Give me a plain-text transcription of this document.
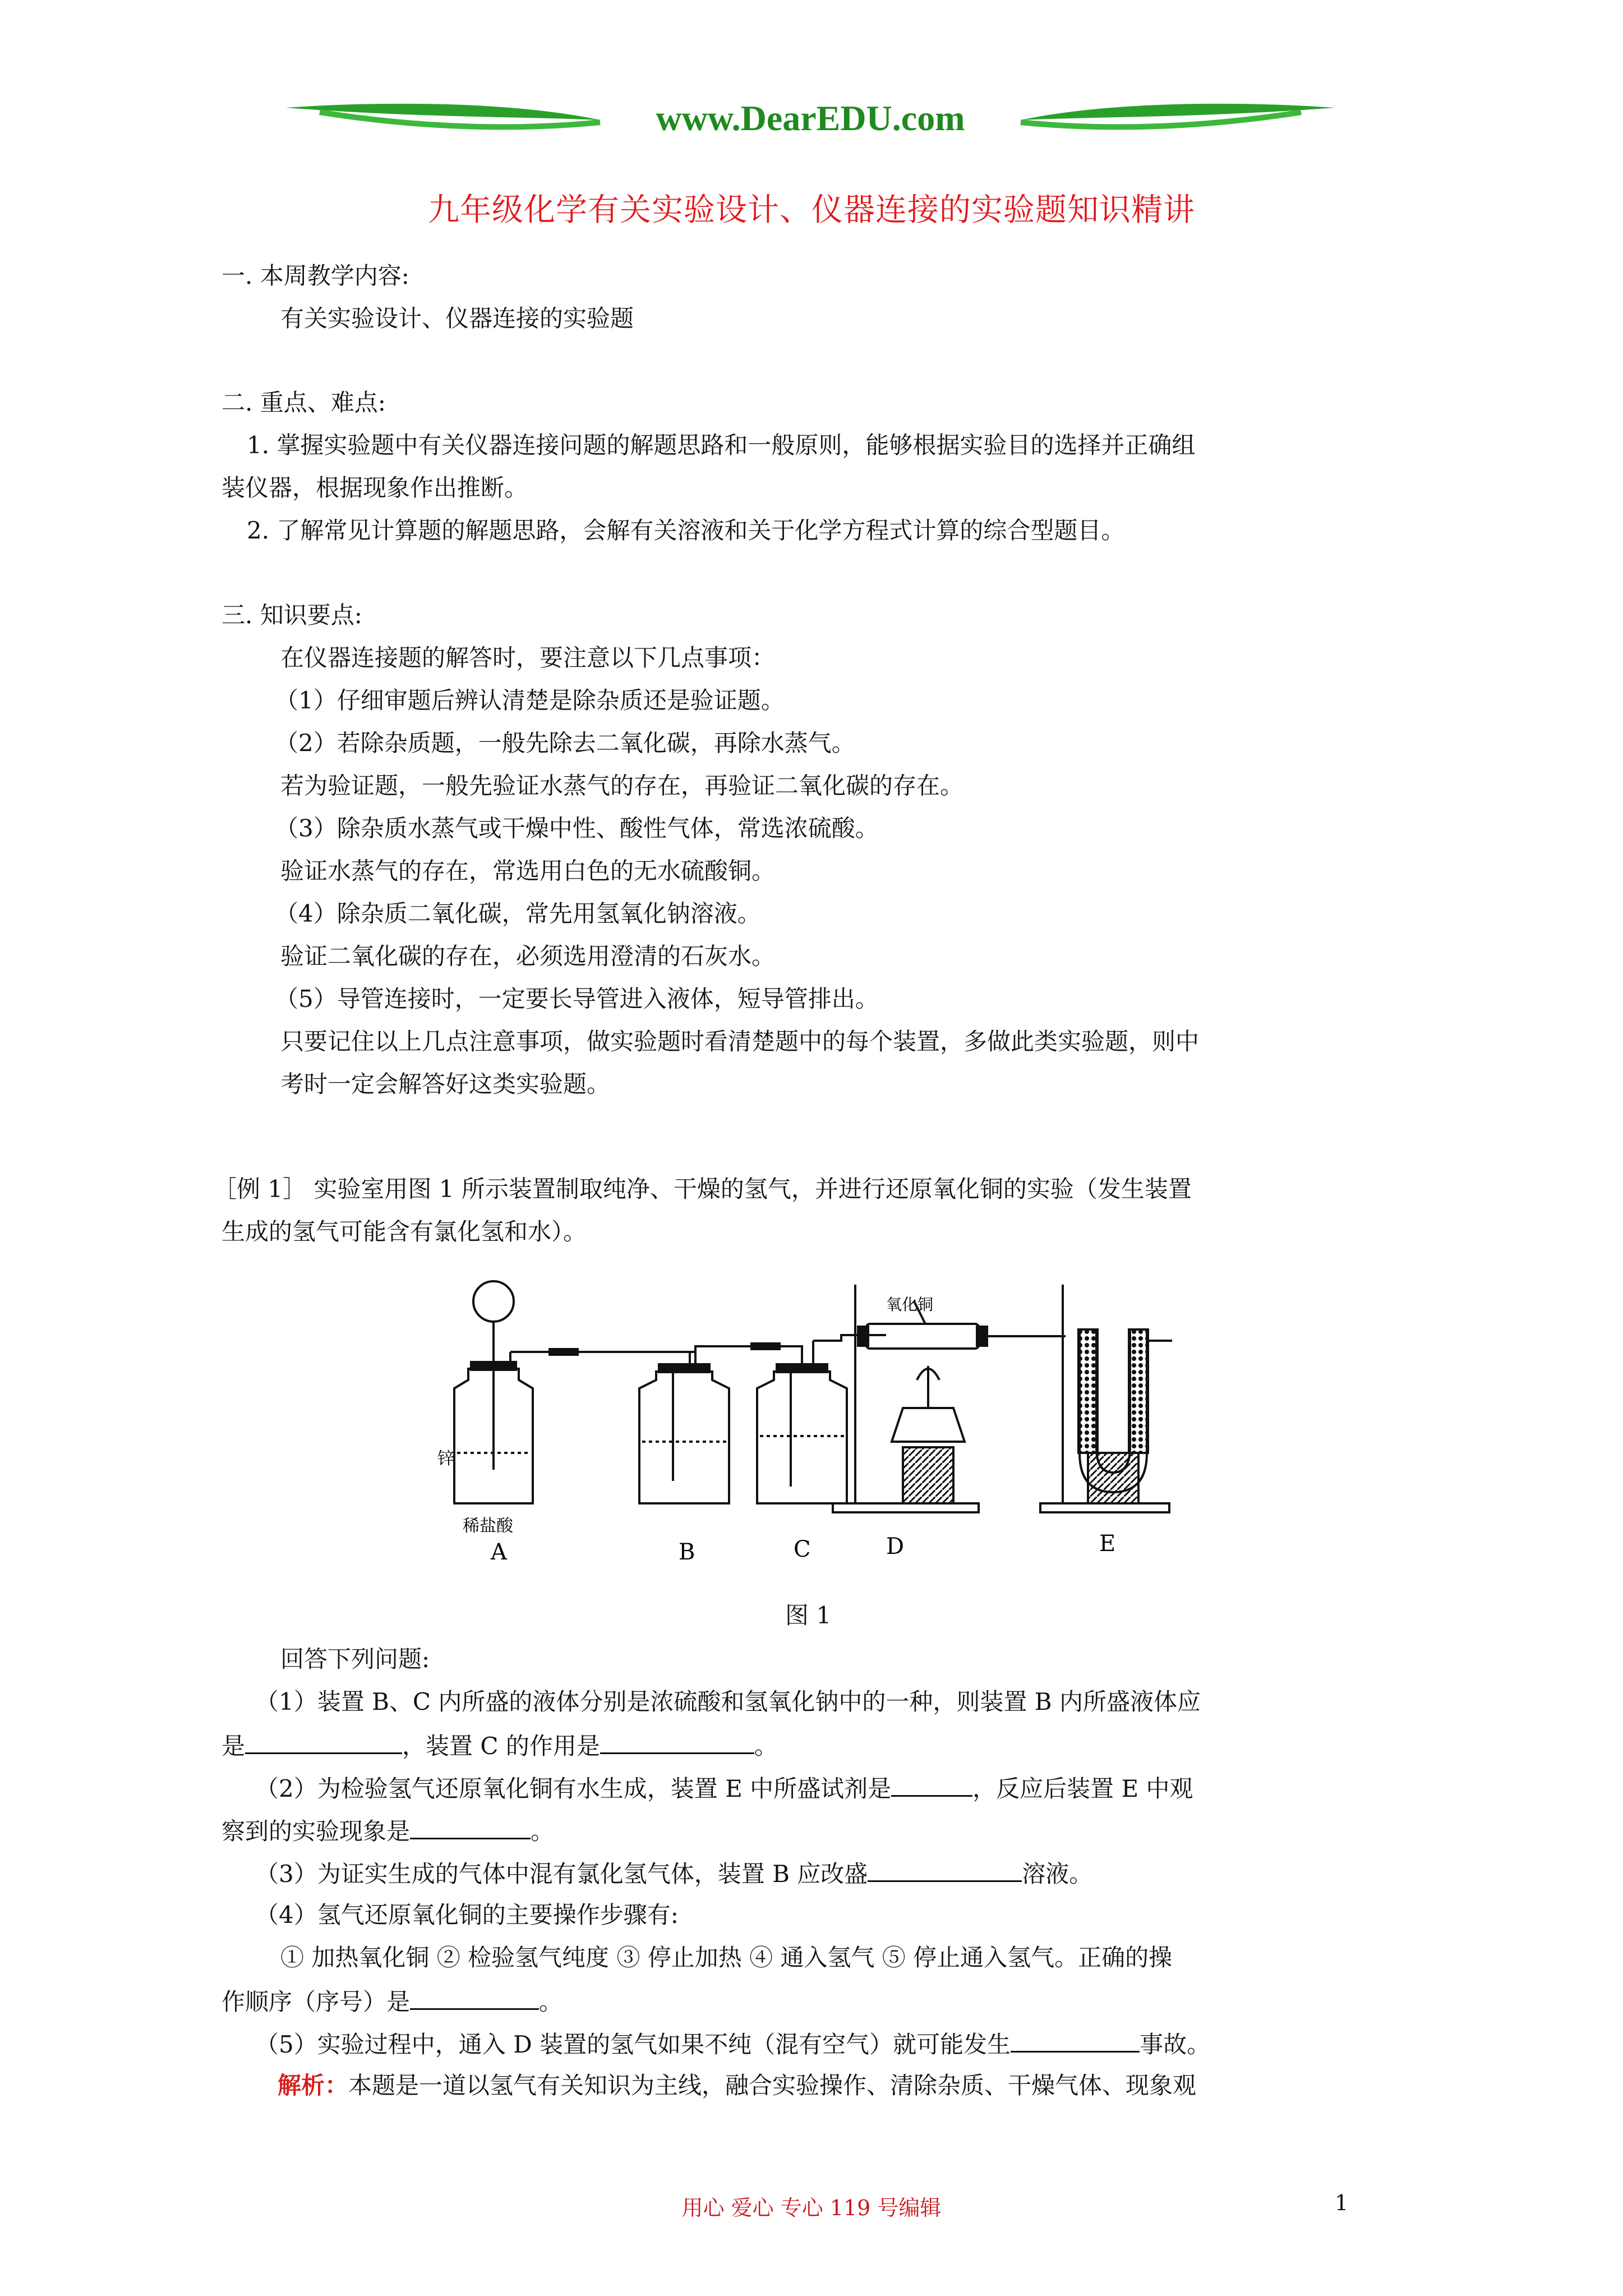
www.DearEDU.com
九年级化学有关实验设计、仪器连接的实验题知识精讲
一. 本周教学内容:
有关实验设计、仪器连接的实验题
二. 重点、难点:
1. 掌握实验题中有关仪器连接问题的解题思路和一般原则，能够根据实验目的选择并正确组
装仪器，根据现象作出推断。
2. 了解常见计算题的解题思路，会解有关溶液和关于化学方程式计算的综合型题目。
三. 知识要点:
在仪器连接题的解答时，要注意以下几点事项：
（1）仔细审题后辨认清楚是除杂质还是验证题。
（2）若除杂质题，一般先除去二氧化碳，再除水蒸气。
若为验证题，一般先验证水蒸气的存在，再验证二氧化碳的存在。
（3）除杂质水蒸气或干燥中性、酸性气体，常选浓硫酸。
验证水蒸气的存在，常选用白色的无水硫酸铜。
（4）除杂质二氧化碳，常先用氢氧化钠溶液。
验证二氧化碳的存在，必须选用澄清的石灰水。
（5）导管连接时，一定要长导管进入液体，短导管排出。
只要记住以上几点注意事项，做实验题时看清楚题中的每个装置，多做此类实验题，则中
考时一定会解答好这类实验题。
［例 1］ 实验室用图 1 所示装置制取纯净、干燥的氢气，并进行还原氧化铜的实验（发生装置
生成的氢气可能含有氯化氢和水）。
锌
稀盐酸
氧化铜
A	B	C	D	E
图 1
回答下列问题:
（1）装置 B、C 内所盛的液体分别是浓硫酸和氢氧化钠中的一种，则装置 B 内所盛液体应
是	，装置 C 的作用是	。
（2）为检验氢气还原氧化铜有水生成，装置 E 中所盛试剂是	，反应后装置 E 中观
察到的实验现象是	。
（3）为证实生成的气体中混有氯化氢气体，装置 B 应改盛	溶液。
（4）氢气还原氧化铜的主要操作步骤有:
① 加热氧化铜 ② 检验氢气纯度 ③ 停止加热 ④ 通入氢气 ⑤ 停止通入氢气。正确的操
作顺序（序号）是	。
（5）实验过程中，通入 D 装置的氢气如果不纯（混有空气）就可能发生	事故。
解析：本题是一道以氢气有关知识为主线，融合实验操作、清除杂质、干燥气体、现象观
用心 爱心 专心 119 号编辑	1
